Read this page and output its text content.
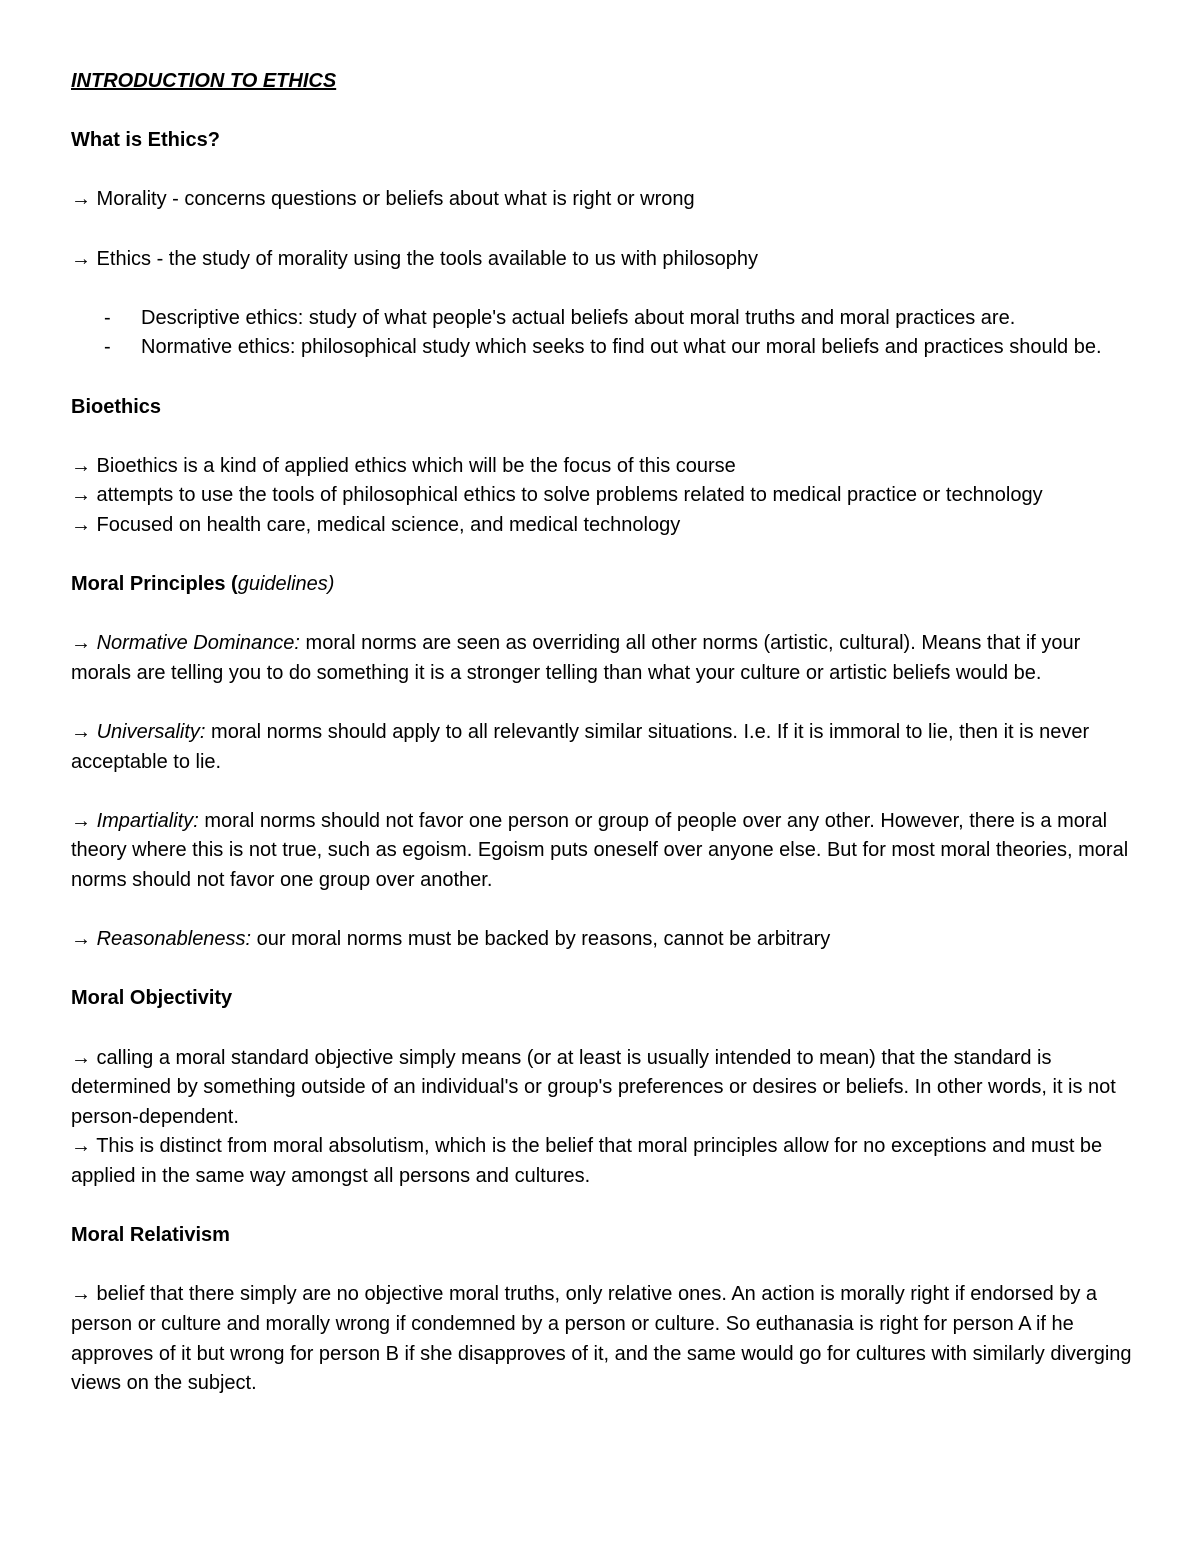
INTRODUCTION TO ETHICS

What is Ethics?

→ Morality - concerns questions or beliefs about what is right or wrong

→ Ethics - the study of morality using the tools available to us with philosophy

- Descriptive ethics: study of what people's actual beliefs about moral truths and moral practices are.
- Normative ethics: philosophical study which seeks to find out what our moral beliefs and practices should be.

Bioethics

→ Bioethics is a kind of applied ethics which will be the focus of this course

→ attempts to use the tools of philosophical ethics to solve problems related to medical practice or technology

→ Focused on health care, medical science, and medical technology

Moral Principles (guidelines)

→ Normative Dominance: moral norms are seen as overriding all other norms (artistic, cultural). Means that if your morals are telling you to do something it is a stronger telling than what your culture or artistic beliefs would be.

→ Universality: moral norms should apply to all relevantly similar situations. I.e. If it is immoral to lie, then it is never acceptable to lie.

→ Impartiality: moral norms should not favor one person or group of people over any other. However, there is a moral theory where this is not true, such as egoism. Egoism puts oneself over anyone else. But for most moral theories, moral norms should not favor one group over another.

→ Reasonableness: our moral norms must be backed by reasons, cannot be arbitrary

Moral Objectivity

→ calling a moral standard objective simply means (or at least is usually intended to mean) that the standard is determined by something outside of an individual's or group's preferences or desires or beliefs. In other words, it is not person-dependent.

→ This is distinct from moral absolutism, which is the belief that moral principles allow for no exceptions and must be applied in the same way amongst all persons and cultures.

Moral Relativism

→ belief that there simply are no objective moral truths, only relative ones. An action is morally right if endorsed by a person or culture and morally wrong if condemned by a person or culture. So euthanasia is right for person A if he approves of it but wrong for person B if she disapproves of it, and the same would go for cultures with similarly diverging views on the subject.
